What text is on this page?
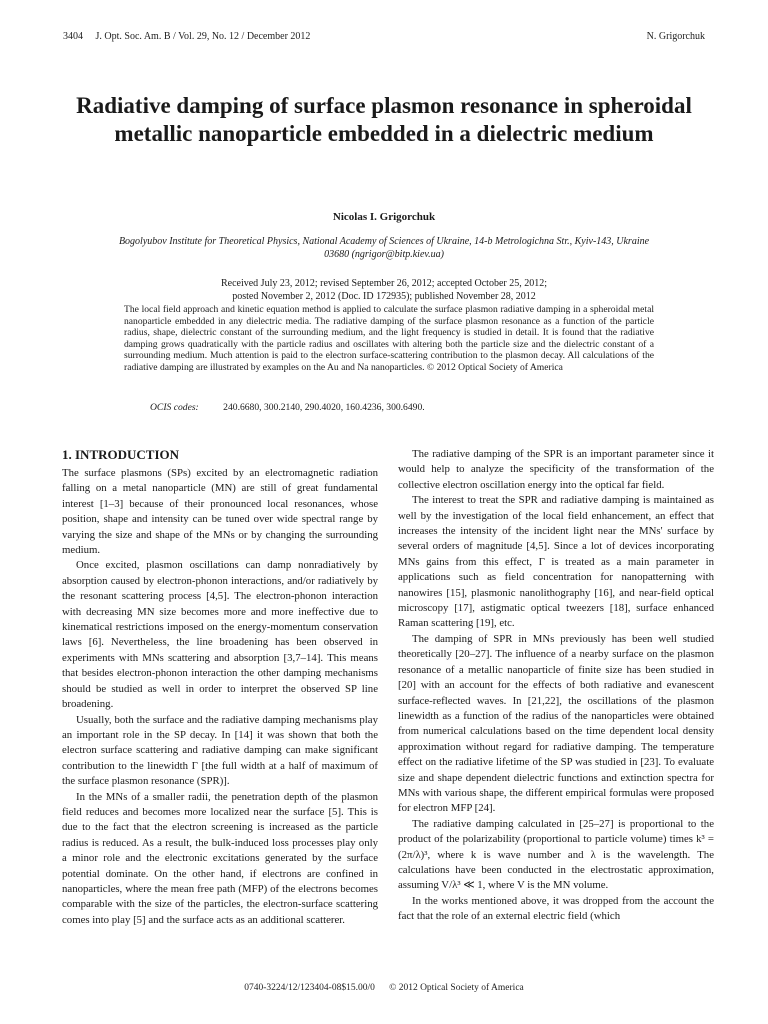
3404     J. Opt. Soc. Am. B / Vol. 29, No. 12 / December 2012	N. Grigorchuk
Radiative damping of surface plasmon resonance in spheroidal metallic nanoparticle embedded in a dielectric medium
Nicolas I. Grigorchuk
Bogolyubov Institute for Theoretical Physics, National Academy of Sciences of Ukraine, 14-b Metrologichna Str., Kyiv-143, Ukraine 03680 (ngrigor@bitp.kiev.ua)
Received July 23, 2012; revised September 26, 2012; accepted October 25, 2012;
posted November 2, 2012 (Doc. ID 172935); published November 28, 2012
The local field approach and kinetic equation method is applied to calculate the surface plasmon radiative damping in a spheroidal metal nanoparticle embedded in any dielectric media. The radiative damping of the surface plasmon resonance as a function of the particle radius, shape, dielectric constant of the surrounding medium, and the light frequency is studied in detail. It is found that the radiative damping grows quadratically with the particle radius and oscillates with altering both the particle size and the dielectric constant of a surrounding medium. Much attention is paid to the electron surface-scattering contribution to the plasmon decay. All calculations of the radiative damping are illustrated by examples on the Au and Na nanoparticles. © 2012 Optical Society of America
OCIS codes:	240.6680, 300.2140, 290.4020, 160.4236, 300.6490.
1. INTRODUCTION

The surface plasmons (SPs) excited by an electromagnetic radiation falling on a metal nanoparticle (MN) are still of great fundamental interest [1–3] because of their pronounced local resonances, whose position, shape and intensity can be tuned over wide spectral range by varying the size and shape of the MNs or by changing the surrounding medium.

Once excited, plasmon oscillations can damp nonradiatively by absorption caused by electron-phonon interactions, and/or radiatively by the resonant scattering process [4,5]. The electron-phonon interaction with decreasing MN size becomes more and more ineffective due to kinematical restrictions imposed on the energy-momentum conservation laws [6]. Nevertheless, the line broadening has been observed in experiments with MNs scattering and absorption [3,7–14]. This means that besides electron-phonon interaction the other damping mechanisms should be studied as well in order to interpret the observed SP line broadening.

Usually, both the surface and the radiative damping mechanisms play an important role in the SP decay. In [14] it was shown that both the electron surface scattering and radiative damping can make significant contribution to the linewidth Γ [the full width at a half of maximum of the surface plasmon resonance (SPR)].

In the MNs of a smaller radii, the penetration depth of the plasmon field reduces and becomes more localized near the surface [5]. This is due to the fact that the electron screening is increased as the particle radius is reduced. As a result, the bulk-induced loss processes play only a minor role and the electronic excitations generated by the surface potential dominate. On the other hand, if electrons are confined in nanoparticles, where the mean free path (MFP) of the electrons becomes comparable with the size of the particles, the electron-surface scattering comes into play [5] and the surface acts as an additional scatterer.

The radiative damping of the SPR is an important parameter since it would help to analyze the specificity of the transformation of the collective electron oscillation energy into the optical far field.

The interest to treat the SPR and radiative damping is maintained as well by the investigation of the local field enhancement, an effect that increases the intensity of the incident light near the MNs' surface by several orders of magnitude [4,5]. Since a lot of devices incorporating MNs gains from this effect, Γ is treated as a main parameter in applications such as field concentration for nanopatterning with nanowires [15], plasmonic nanolithography [16], and near-field optical microscopy [17], astigmatic optical tweezers [18], surface enhanced Raman scattering [19], etc.

The damping of SPR in MNs previously has been well studied theoretically [20–27]. The influence of a nearby surface on the plasmon resonance of a metallic nanoparticle of finite size has been studied in [20] with an account for the effects of both radiative and evanescent surface-reflected waves. In [21,22], the oscillations of the plasmon linewidth as a function of the radius of the nanoparticles were obtained from numerical calculations based on the time dependent local density approximation without regard for radiative damping. The temperature effect on the radiative lifetime of the SP was studied in [23]. To evaluate size and shape dependent dielectric functions and extinction spectra for MNs with various shape, the different empirical formulas were proposed for electron MFP [24].

The radiative damping calculated in [25–27] is proportional to the product of the polarizability (proportional to particle volume) times k³ = (2π/λ)³, where k is wave number and λ is the wavelength. The calculations have been conducted in the electrostatic approximation, assuming V/λ³ ≪ 1, where V is the MN volume.

In the works mentioned above, it was dropped from the account the fact that the role of an external electric field (which

0740-3224/12/123404-08$15.00/0      © 2012 Optical Society of America
